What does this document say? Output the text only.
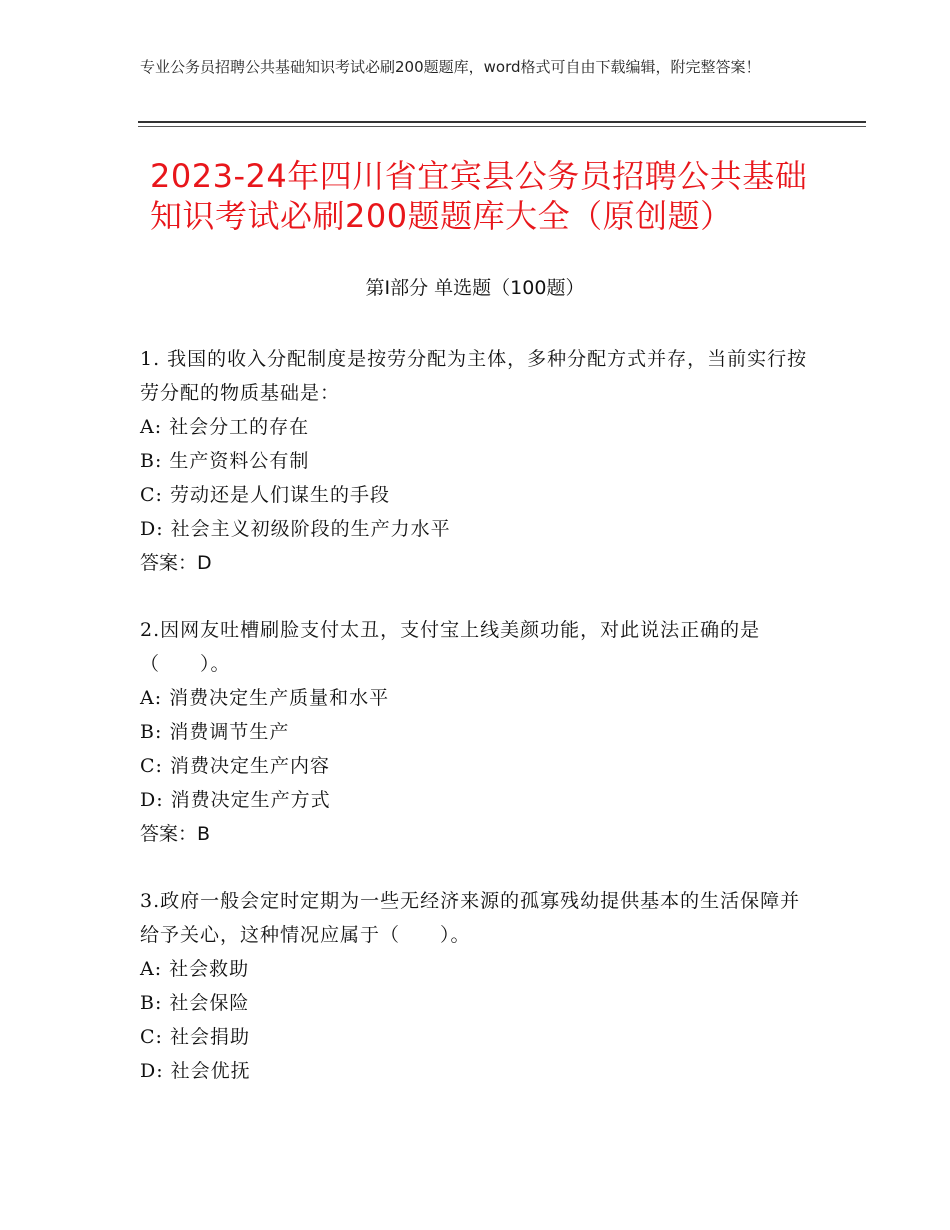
专业公务员招聘公共基础知识考试必刷200题题库，word格式可自由下载编辑，附完整答案！
2023-24年四川省宜宾县公务员招聘公共基础知识考试必刷200题题库大全（原创题）
第Ⅰ部分 单选题（100题）
1. 我国的收入分配制度是按劳分配为主体，多种分配方式并存，当前实行按劳分配的物质基础是：
A: 社会分工的存在
B: 生产资料公有制
C: 劳动还是人们谋生的手段
D: 社会主义初级阶段的生产力水平
答案：D
2.因网友吐槽刷脸支付太丑，支付宝上线美颜功能，对此说法正确的是（　　）。
A: 消费决定生产质量和水平
B: 消费调节生产
C: 消费决定生产内容
D: 消费决定生产方式
答案：B
3.政府一般会定时定期为一些无经济来源的孤寡残幼提供基本的生活保障并给予关心，这种情况应属于（　　）。
A: 社会救助
B: 社会保险
C: 社会捐助
D: 社会优抚
